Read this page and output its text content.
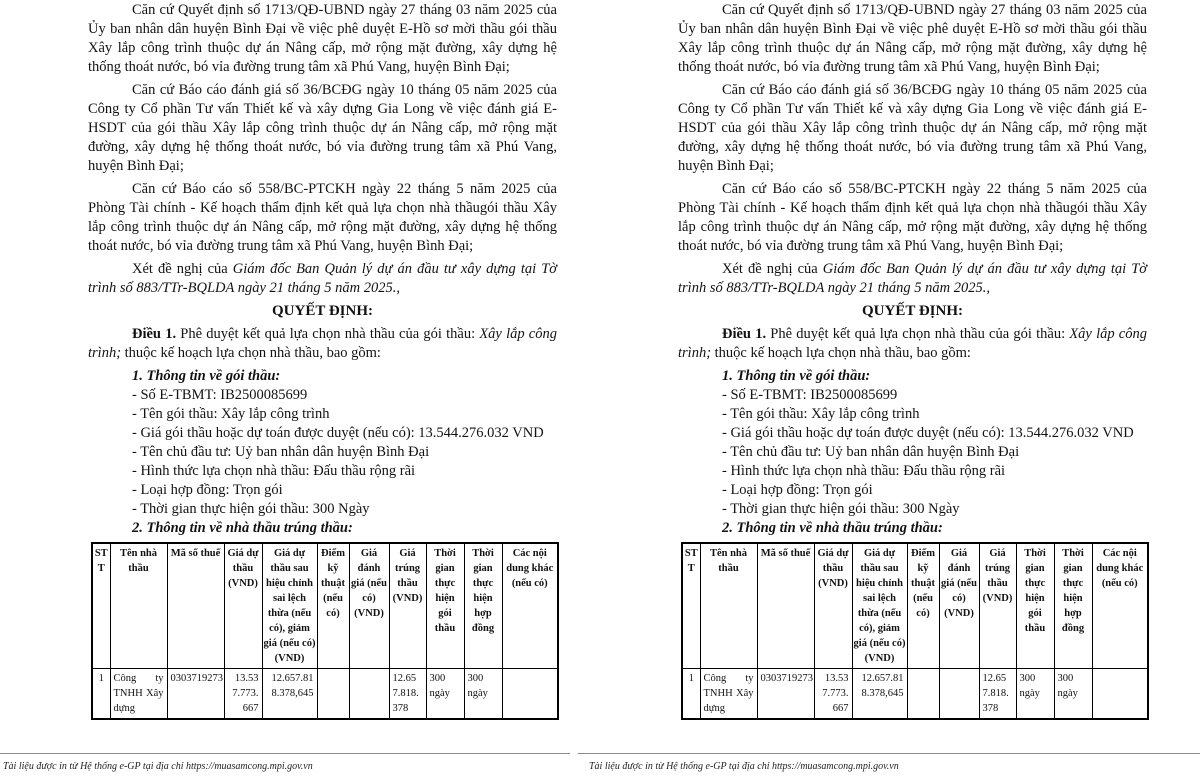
Căn cứ Quyết định số 1713/QĐ-UBND ngày 27 tháng 03 năm 2025 của Ủy ban nhân dân huyện Bình Đại về việc phê duyệt E-Hồ sơ mời thầu gói thầu Xây lắp công trình thuộc dự án Nâng cấp, mở rộng mặt đường, xây dựng hệ thống thoát nước, bó vỉa đường trung tâm xã Phú Vang, huyện Bình Đại;

Căn cứ Báo cáo đánh giá số 36/BCĐG ngày 10 tháng 05 năm 2025 của Công ty Cổ phần Tư vấn Thiết kế và xây dựng Gia Long về việc đánh giá E-HSDT của gói thầu Xây lắp công trình thuộc dự án Nâng cấp, mở rộng mặt đường, xây dựng hệ thống thoát nước, bó vỉa đường trung tâm xã Phú Vang, huyện Bình Đại;

Căn cứ Báo cáo số 558/BC-PTCKH ngày 22 tháng 5 năm 2025 của Phòng Tài chính - Kế hoạch thẩm định kết quả lựa chọn nhà thầugói thầu Xây lắp công trình thuộc dự án Nâng cấp, mở rộng mặt đường, xây dựng hệ thống thoát nước, bó vỉa đường trung tâm xã Phú Vang, huyện Bình Đại;

Xét đề nghị của Giám đốc Ban Quản lý dự án đầu tư xây dựng tại Tờ trình số 883/TTr-BQLDA ngày 21 tháng 5 năm 2025.,

QUYẾT ĐỊNH:

Điều 1. Phê duyệt kết quả lựa chọn nhà thầu của gói thầu: Xây lắp công trình; thuộc kế hoạch lựa chọn nhà thầu, bao gồm:

1. Thông tin về gói thầu:
- Số E-TBMT: IB2500085699
- Tên gói thầu: Xây lắp công trình
- Giá gói thầu hoặc dự toán được duyệt (nếu có): 13.544.276.032 VND
- Tên chủ đầu tư: Uỷ ban nhân dân huyện Bình Đại
- Hình thức lựa chọn nhà thầu: Đấu thầu rộng rãi
- Loại hợp đồng: Trọn gói
- Thời gian thực hiện gói thầu: 300 Ngày
2. Thông tin về nhà thầu trúng thầu:
STT	Tên nhà thầu	Mã số thuế	Giá dự thầu (VND)	Giá dự thầu sau hiệu chỉnh sai lệch thừa (nếu có), giảm giá (nếu có) (VND)	Điểm kỹ thuật (nếu có)	Giá đánh giá (nếu có) (VND)	Giá trúng thầu (VND)	Thời gian thực hiện gói thầu	Thời gian thực hiện hợp đồng	Các nội dung khác (nếu có)
1	Công ty TNHH Xây dựng	0303719273	13.537.773.667	12.657.818.378,645			12.657.818.378	300 ngày	300 ngày	
Tài liệu được in từ Hệ thống e-GP tại địa chỉ https://muasamcong.mpi.gov.vn

Căn cứ Quyết định số 1713/QĐ-UBND ngày 27 tháng 03 năm 2025 của Ủy ban nhân dân huyện Bình Đại về việc phê duyệt E-Hồ sơ mời thầu gói thầu Xây lắp công trình thuộc dự án Nâng cấp, mở rộng mặt đường, xây dựng hệ thống thoát nước, bó vỉa đường trung tâm xã Phú Vang, huyện Bình Đại;

Căn cứ Báo cáo đánh giá số 36/BCĐG ngày 10 tháng 05 năm 2025 của Công ty Cổ phần Tư vấn Thiết kế và xây dựng Gia Long về việc đánh giá E-HSDT của gói thầu Xây lắp công trình thuộc dự án Nâng cấp, mở rộng mặt đường, xây dựng hệ thống thoát nước, bó vỉa đường trung tâm xã Phú Vang, huyện Bình Đại;

Căn cứ Báo cáo số 558/BC-PTCKH ngày 22 tháng 5 năm 2025 của Phòng Tài chính - Kế hoạch thẩm định kết quả lựa chọn nhà thầugói thầu Xây lắp công trình thuộc dự án Nâng cấp, mở rộng mặt đường, xây dựng hệ thống thoát nước, bó vỉa đường trung tâm xã Phú Vang, huyện Bình Đại;

Xét đề nghị của Giám đốc Ban Quản lý dự án đầu tư xây dựng tại Tờ trình số 883/TTr-BQLDA ngày 21 tháng 5 năm 2025.,

QUYẾT ĐỊNH:

Điều 1. Phê duyệt kết quả lựa chọn nhà thầu của gói thầu: Xây lắp công trình; thuộc kế hoạch lựa chọn nhà thầu, bao gồm:

1. Thông tin về gói thầu:
- Số E-TBMT: IB2500085699
- Tên gói thầu: Xây lắp công trình
- Giá gói thầu hoặc dự toán được duyệt (nếu có): 13.544.276.032 VND
- Tên chủ đầu tư: Uỷ ban nhân dân huyện Bình Đại
- Hình thức lựa chọn nhà thầu: Đấu thầu rộng rãi
- Loại hợp đồng: Trọn gói
- Thời gian thực hiện gói thầu: 300 Ngày
2. Thông tin về nhà thầu trúng thầu:
STT	Tên nhà thầu	Mã số thuế	Giá dự thầu (VND)	Giá dự thầu sau hiệu chỉnh sai lệch thừa (nếu có), giảm giá (nếu có) (VND)	Điểm kỹ thuật (nếu có)	Giá đánh giá (nếu có) (VND)	Giá trúng thầu (VND)	Thời gian thực hiện gói thầu	Thời gian thực hiện hợp đồng	Các nội dung khác (nếu có)
1	Công ty TNHH Xây dựng	0303719273	13.537.773.667	12.657.818.378,645			12.657.818.378	300 ngày	300 ngày	
Tài liệu được in từ Hệ thống e-GP tại địa chỉ https://muasamcong.mpi.gov.vn
